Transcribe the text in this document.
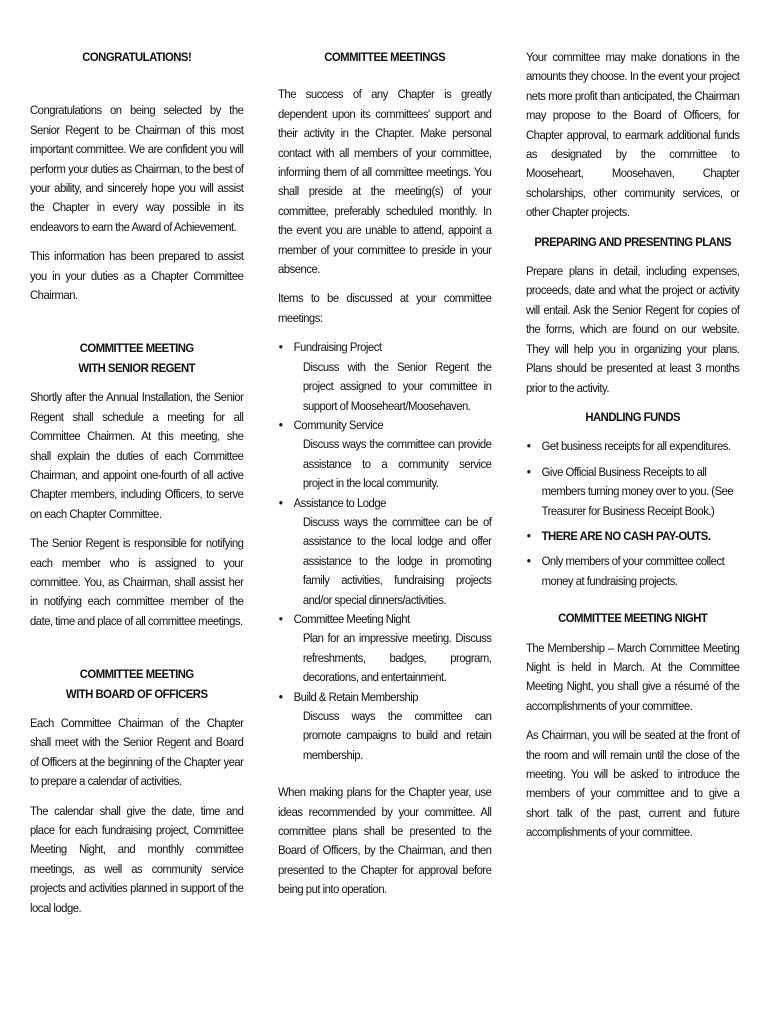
CONGRATULATIONS!

Congratulations on being selected by the Senior Regent to be Chairman of this most important committee. We are confident you will perform your duties as Chairman, to the best of your ability, and sincerely hope you will assist the Chapter in every way possible in its endeavors to earn the Award of Achievement.

This information has been prepared to assist you in your duties as a Chapter Committee Chairman.

COMMITTEE MEETING
WITH SENIOR REGENT

Shortly after the Annual Installation, the Senior Regent shall schedule a meeting for all Committee Chairmen. At this meeting, she shall explain the duties of each Committee Chairman, and appoint one-fourth of all active Chapter members, including Officers, to serve on each Chapter Committee.

The Senior Regent is responsible for notifying each member who is assigned to your committee. You, as Chairman, shall assist her in notifying each committee member of the date, time and place of all committee meetings.

COMMITTEE MEETING
WITH BOARD OF OFFICERS

Each Committee Chairman of the Chapter shall meet with the Senior Regent and Board of Officers at the beginning of the Chapter year to prepare a calendar of activities.

The calendar shall give the date, time and place for each fundraising project, Committee Meeting Night, and monthly committee meetings, as well as community service projects and activities planned in support of the local lodge.

COMMITTEE MEETINGS

The success of any Chapter is greatly dependent upon its committees' support and their activity in the Chapter. Make personal contact with all members of your committee, informing them of all committee meetings. You shall preside at the meeting(s) of your committee, preferably scheduled monthly. In the event you are unable to attend, appoint a member of your committee to preside in your absence.

Items to be discussed at your committee meetings:

• Fundraising Project
Discuss with the Senior Regent the project assigned to your committee in support of Mooseheart/Moosehaven.
• Community Service
Discuss ways the committee can provide assistance to a community service project in the local community.
• Assistance to Lodge
Discuss ways the committee can be of assistance to the local lodge and offer assistance to the lodge in promoting family activities, fundraising projects and/or special dinners/activities.
• Committee Meeting Night
Plan for an impressive meeting. Discuss refreshments, badges, program, decorations, and entertainment.
• Build & Retain Membership
Discuss ways the committee can promote campaigns to build and retain membership.

When making plans for the Chapter year, use ideas recommended by your committee. All committee plans shall be presented to the Board of Officers, by the Chairman, and then presented to the Chapter for approval before being put into operation.

Your committee may make donations in the amounts they choose. In the event your project nets more profit than anticipated, the Chairman may propose to the Board of Officers, for Chapter approval, to earmark additional funds as designated by the committee to Mooseheart, Moosehaven, Chapter scholarships, other community services, or other Chapter projects.

PREPARING AND PRESENTING PLANS

Prepare plans in detail, including expenses, proceeds, date and what the project or activity will entail. Ask the Senior Regent for copies of the forms, which are found on our website. They will help you in organizing your plans. Plans should be presented at least 3 months prior to the activity.

HANDLING FUNDS
• Get business receipts for all expenditures.
• Give Official Business Receipts to all members turning money over to you. (See Treasurer for Business Receipt Book.)
• THERE ARE NO CASH PAY-OUTS.
• Only members of your committee collect money at fundraising projects.
COMMITTEE MEETING NIGHT

The Membership – March Committee Meeting Night is held in March. At the Committee Meeting Night, you shall give a résumé of the accomplishments of your committee.

As Chairman, you will be seated at the front of the room and will remain until the close of the meeting. You will be asked to introduce the members of your committee and to give a short talk of the past, current and future accomplishments of your committee.
